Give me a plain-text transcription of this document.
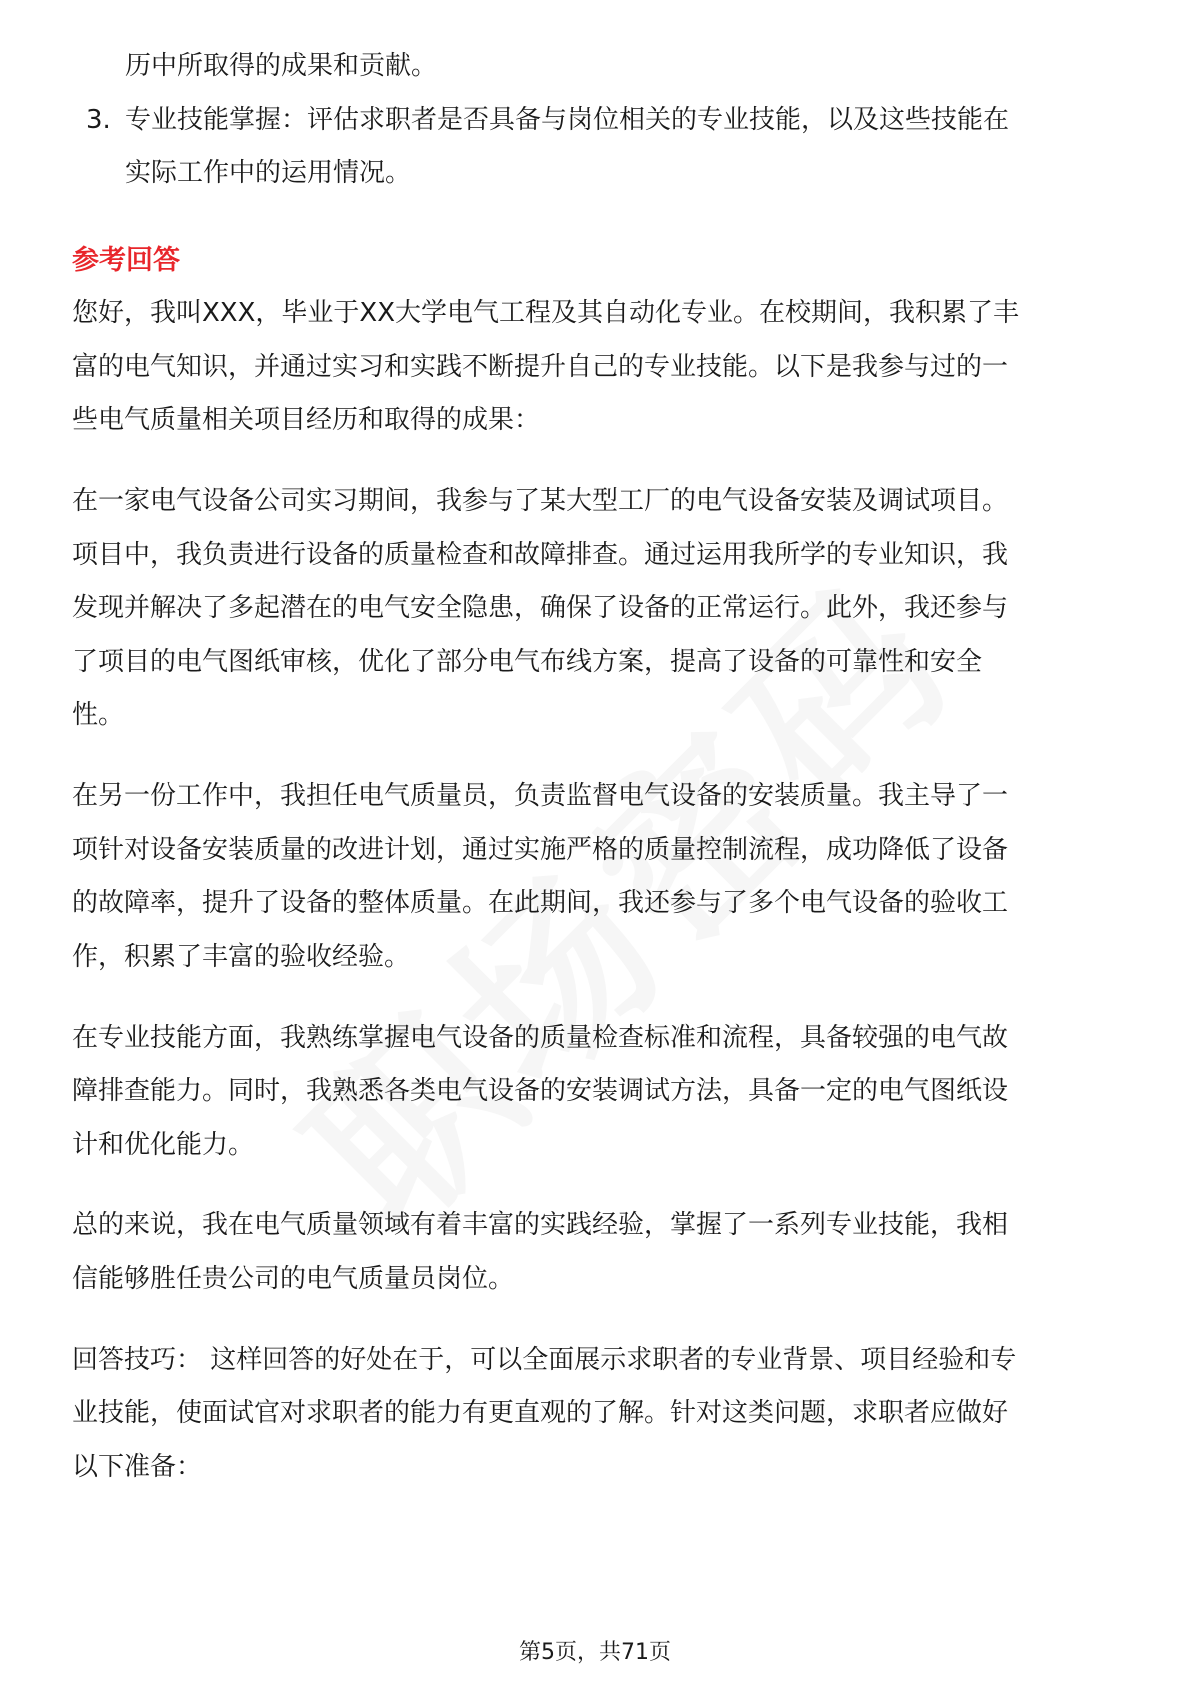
历中所取得的成果和贡献。
3. 专业技能掌握：评估求职者是否具备与岗位相关的专业技能，以及这些技能在
实际工作中的运用情况。
参考回答
您好，我叫XXX，毕业于XX大学电气工程及其自动化专业。在校期间，我积累了丰
富的电气知识，并通过实习和实践不断提升自己的专业技能。以下是我参与过的一
些电气质量相关项目经历和取得的成果：
在一家电气设备公司实习期间，我参与了某大型工厂的电气设备安装及调试项目。
项目中，我负责进行设备的质量检查和故障排查。通过运用我所学的专业知识，我
发现并解决了多起潜在的电气安全隐患，确保了设备的正常运行。此外，我还参与
了项目的电气图纸审核，优化了部分电气布线方案，提高了设备的可靠性和安全
性。
在另一份工作中，我担任电气质量员，负责监督电气设备的安装质量。我主导了一
项针对设备安装质量的改进计划，通过实施严格的质量控制流程，成功降低了设备
的故障率，提升了设备的整体质量。在此期间，我还参与了多个电气设备的验收工
作，积累了丰富的验收经验。
在专业技能方面，我熟练掌握电气设备的质量检查标准和流程，具备较强的电气故
障排查能力。同时，我熟悉各类电气设备的安装调试方法，具备一定的电气图纸设
计和优化能力。
总的来说，我在电气质量领域有着丰富的实践经验，掌握了一系列专业技能，我相
信能够胜任贵公司的电气质量员岗位。
回答技巧： 这样回答的好处在于，可以全面展示求职者的专业背景、项目经验和专
业技能，使面试官对求职者的能力有更直观的了解。针对这类问题，求职者应做好
以下准备：
第5页，共71页
